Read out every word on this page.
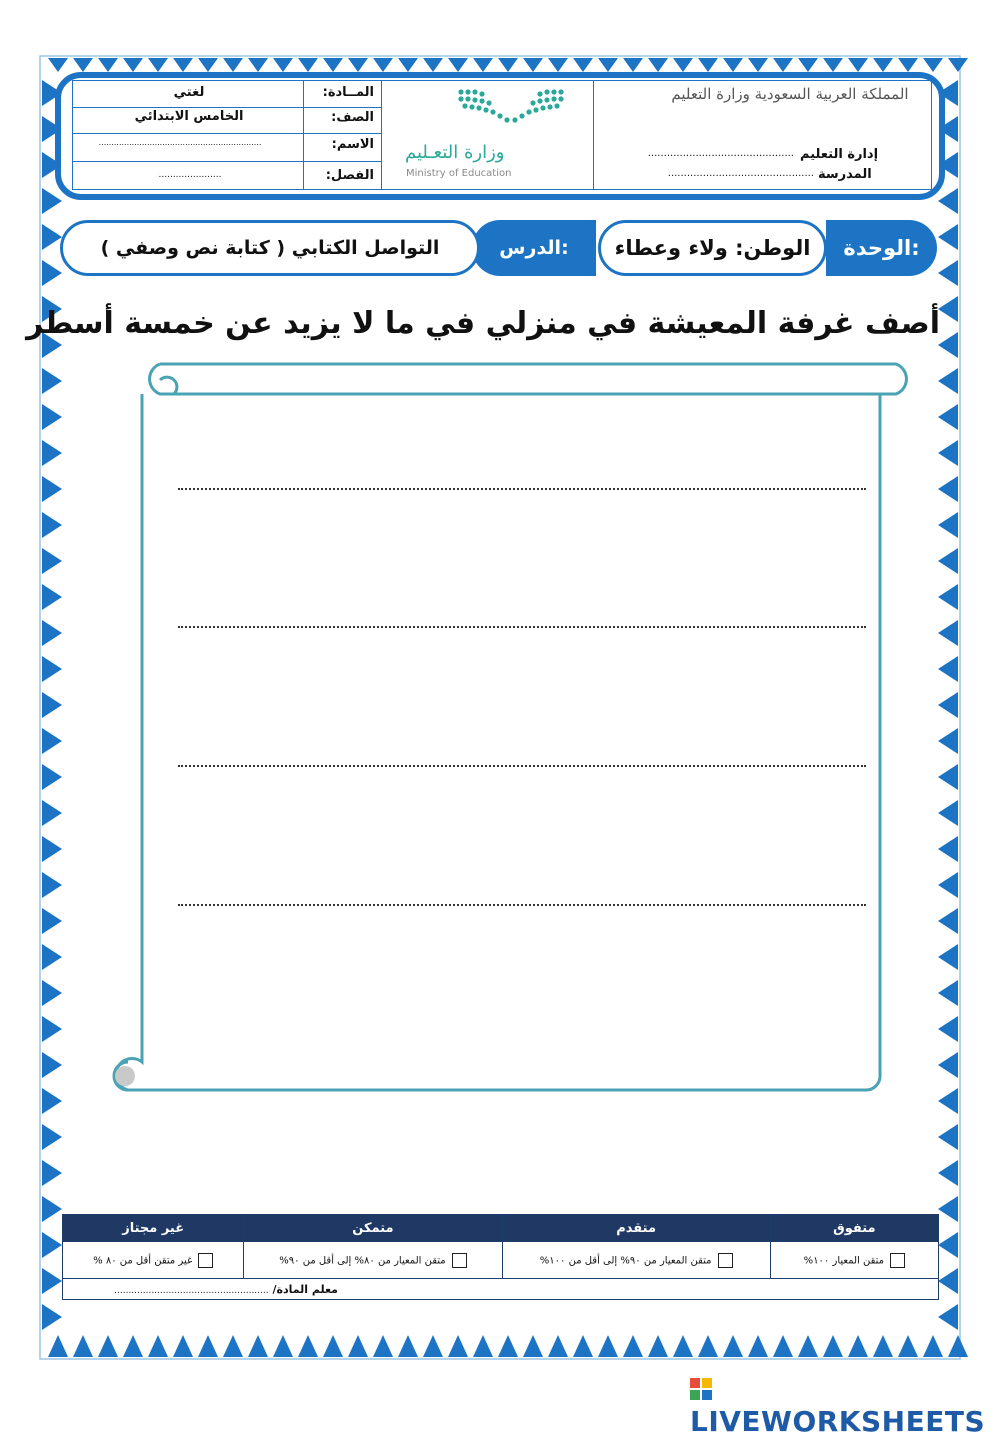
المملكة العربية السعودية وزارة التعليم
إدارة التعليم
..............................................
المدرسة
..............................................
وزارة التعـليم
Ministry of Education
المــادة:
لغتي
الصف:
الخامس الابتدائي
الاسم:
................................................................
الفصل:
......................
الوحدة:
الوطن: ولاء وعطاء
الدرس:
التواصل الكتابي ( كتابة نص وصفي )
أصف غرفة المعيشة في منزلي في ما لا يزيد عن خمسة أسطر
متفوق	متقدم	متمكن	غير مجتاز
متقن المعيار ١٠٠%	متقن المعيار من ٩٠% إلى أقل من ١٠٠%	متقن المعيار من ٨٠% إلى أقل من ٩٠%	غير متقن أقل من ٨٠ %
معلم المادة/ ......................................................			
LIVEWORKSHEETS
